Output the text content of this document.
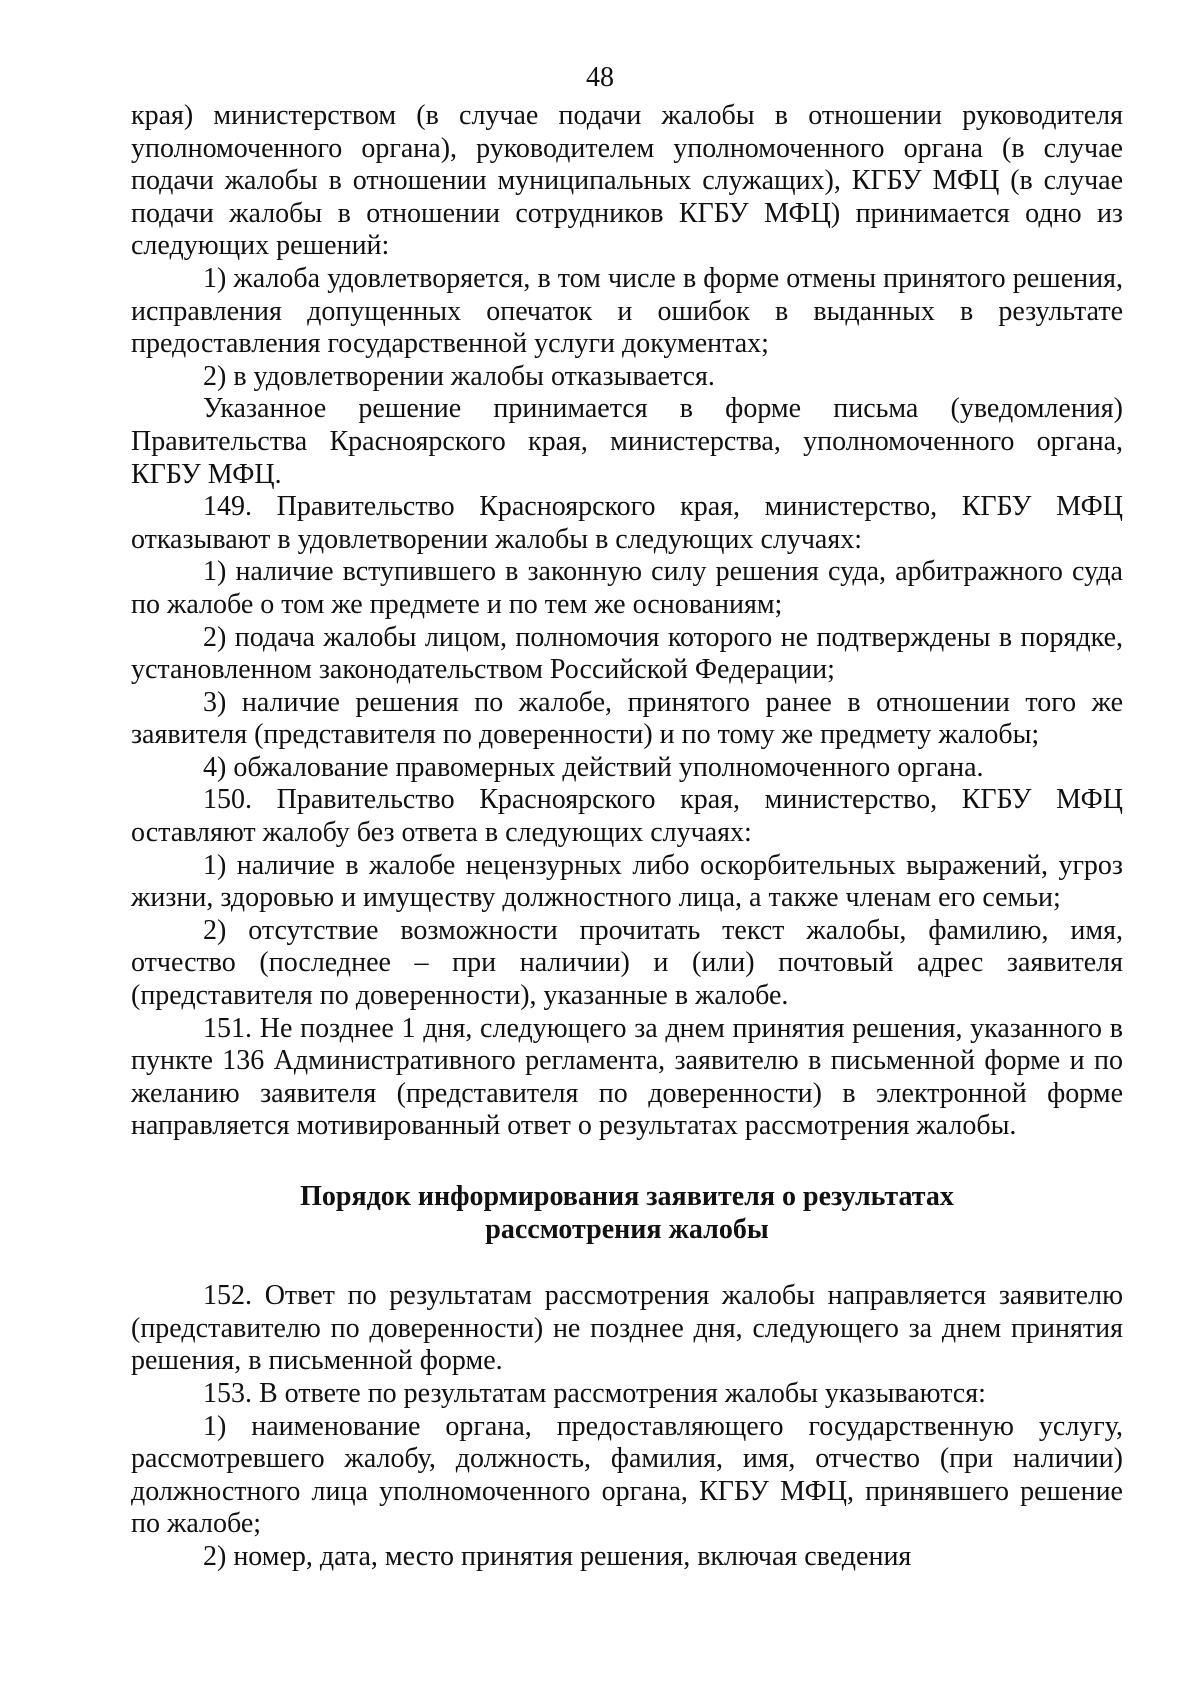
48

края) министерством (в случае подачи жалобы в отношении руководителя уполномоченного органа), руководителем уполномоченного органа (в случае подачи жалобы в отношении муниципальных служащих), КГБУ МФЦ (в случае подачи жалобы в отношении сотрудников КГБУ МФЦ) принимается одно из следующих решений:

1) жалоба удовлетворяется, в том числе в форме отмены принятого решения, исправления допущенных опечаток и ошибок в выданных в результате предоставления государственной услуги документах;

2) в удовлетворении жалобы отказывается.

Указанное решение принимается в форме письма (уведомления) Правительства Красноярского края, министерства, уполномоченного органа, КГБУ МФЦ.

149. Правительство Красноярского края, министерство, КГБУ МФЦ отказывают в удовлетворении жалобы в следующих случаях:

1) наличие вступившего в законную силу решения суда, арбитражного суда по жалобе о том же предмете и по тем же основаниям;

2) подача жалобы лицом, полномочия которого не подтверждены в порядке, установленном законодательством Российской Федерации;

3) наличие решения по жалобе, принятого ранее в отношении того же заявителя (представителя по доверенности) и по тому же предмету жалобы;

4) обжалование правомерных действий уполномоченного органа.

150. Правительство Красноярского края, министерство, КГБУ МФЦ оставляют жалобу без ответа в следующих случаях:

1) наличие в жалобе нецензурных либо оскорбительных выражений, угроз жизни, здоровью и имуществу должностного лица, а также членам его семьи;

2) отсутствие возможности прочитать текст жалобы, фамилию, имя, отчество (последнее – при наличии) и (или) почтовый адрес заявителя (представителя по доверенности), указанные в жалобе.

151. Не позднее 1 дня, следующего за днем принятия решения, указанного в пункте 136 Административного регламента, заявителю в письменной форме и по желанию заявителя (представителя по доверенности) в электронной форме направляется мотивированный ответ о результатах рассмотрения жалобы.

Порядок информирования заявителя о результатах
рассмотрения жалобы

152. Ответ по результатам рассмотрения жалобы направляется заявителю (представителю по доверенности) не позднее дня, следующего за днем принятия решения, в письменной форме.

153. В ответе по результатам рассмотрения жалобы указываются:

1) наименование органа, предоставляющего государственную услугу, рассмотревшего жалобу, должность, фамилия, имя, отчество (при наличии) должностного лица уполномоченного органа, КГБУ МФЦ, принявшего решение по жалобе;

2) номер, дата, место принятия решения, включая сведения
